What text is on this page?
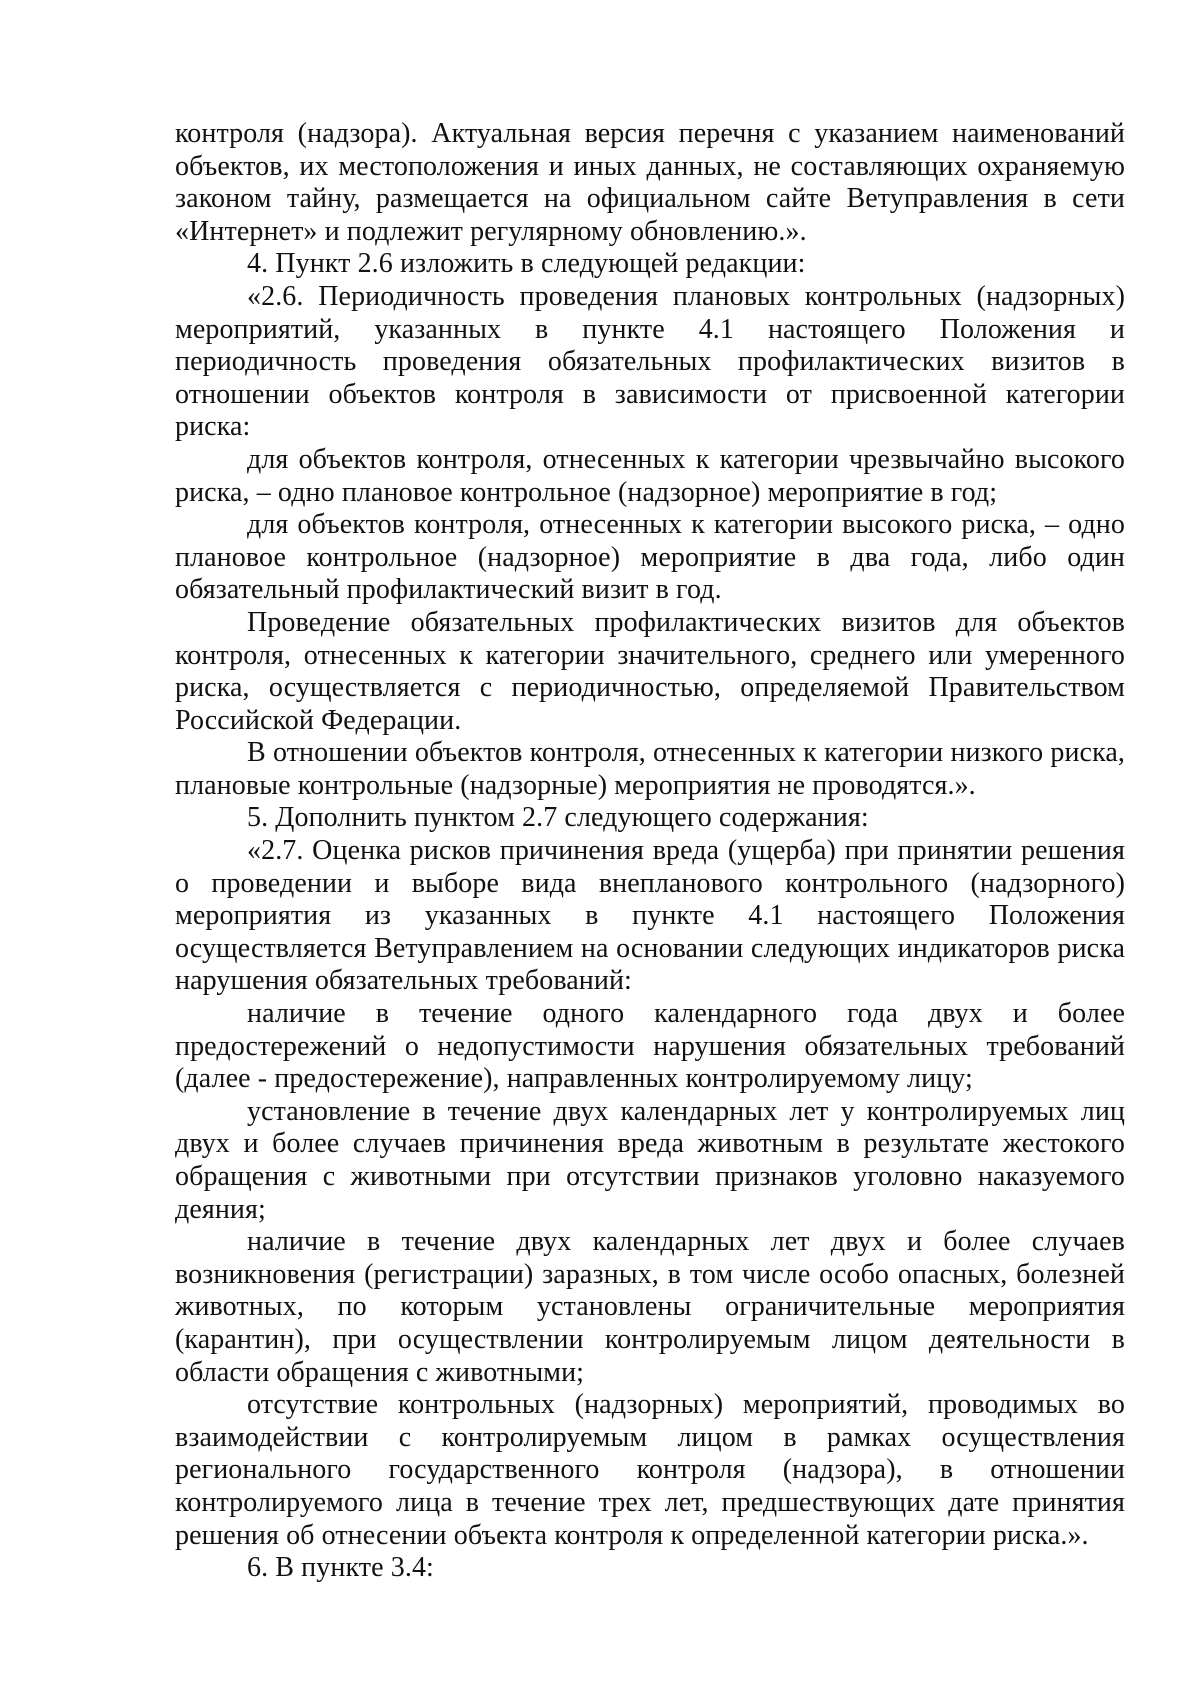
контроля (надзора). Актуальная версия перечня с указанием наименований объектов, их местоположения и иных данных, не составляющих охраняемую законом тайну, размещается на официальном сайте Ветуправления в сети «Интернет» и подлежит регулярному обновлению.».

4. Пункт 2.6 изложить в следующей редакции:

«2.6. Периодичность проведения плановых контрольных (надзорных) мероприятий, указанных в пункте 4.1 настоящего Положения и периодичность проведения обязательных профилактических визитов в отношении объектов контроля в зависимости от присвоенной категории риска:

для объектов контроля, отнесенных к категории чрезвычайно высокого риска, – одно плановое контрольное (надзорное) мероприятие в год;

для объектов контроля, отнесенных к категории высокого риска, – одно плановое контрольное (надзорное) мероприятие в два года, либо один обязательный профилактический визит в год.

Проведение обязательных профилактических визитов для объектов контроля, отнесенных к категории значительного, среднего или умеренного риска, осуществляется с периодичностью, определяемой Правительством Российской Федерации.

В отношении объектов контроля, отнесенных к категории низкого риска, плановые контрольные (надзорные) мероприятия не проводятся.».

5. Дополнить пунктом 2.7 следующего содержания:

«2.7. Оценка рисков причинения вреда (ущерба) при принятии решения о проведении и выборе вида внепланового контрольного (надзорного) мероприятия из указанных в пункте 4.1 настоящего Положения осуществляется Ветуправлением на основании следующих индикаторов риска нарушения обязательных требований:

наличие в течение одного календарного года двух и более предостережений о недопустимости нарушения обязательных требований (далее - предостережение), направленных контролируемому лицу;

установление в течение двух календарных лет у контролируемых лиц двух и более случаев причинения вреда животным в результате жестокого обращения с животными при отсутствии признаков уголовно наказуемого деяния;

наличие в течение двух календарных лет двух и более случаев возникновения (регистрации) заразных, в том числе особо опасных, болезней животных, по которым установлены ограничительные мероприятия (карантин), при осуществлении контролируемым лицом деятельности в области обращения с животными;

отсутствие контрольных (надзорных) мероприятий, проводимых во взаимодействии с контролируемым лицом в рамках осуществления регионального государственного контроля (надзора), в отношении контролируемого лица в течение трех лет, предшествующих дате принятия решения об отнесении объекта контроля к определенной категории риска.».

6. В пункте 3.4:
